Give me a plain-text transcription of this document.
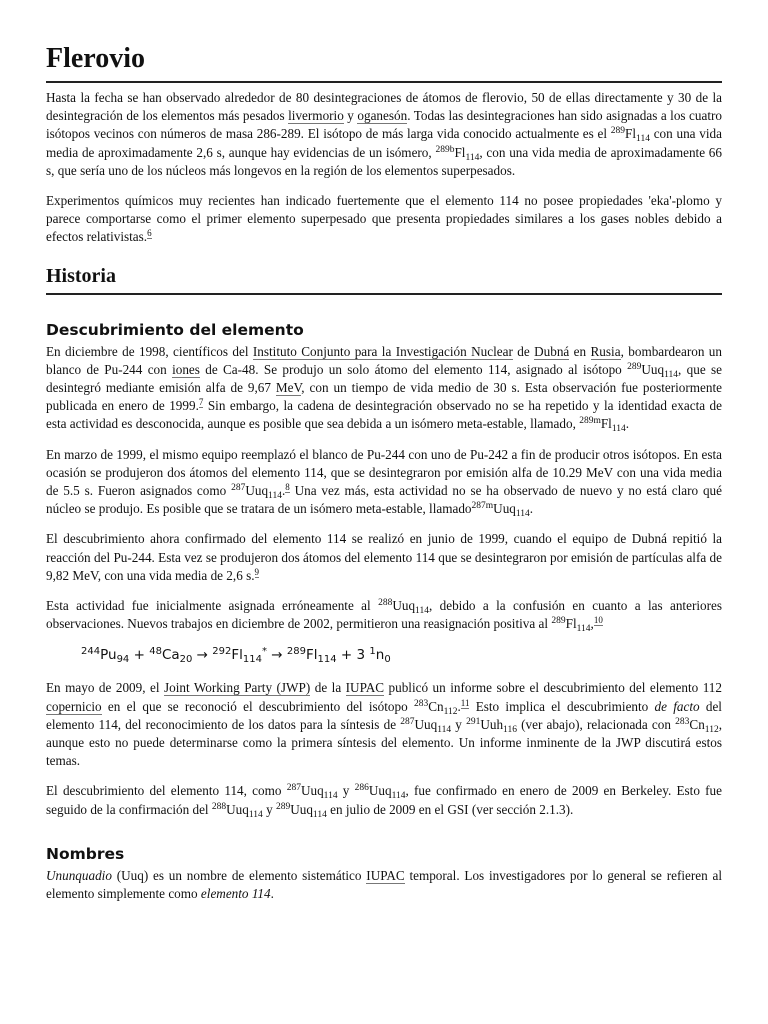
Flerovio

Hasta la fecha se han observado alrededor de 80 desintegraciones de átomos de flerovio, 50 de ellas directamente y 30 de la desintegración de los elementos más pesados livermorio y oganesón. Todas las desintegraciones han sido asignadas a los cuatro isótopos vecinos con números de masa 286-289. El isótopo de más larga vida conocido actualmente es el $^{289}Fl_{114}$ con una vida media de aproximadamente 2,6 s, aunque hay evidencias de un isómero, $^{289b}Fl_{114}$, con una vida media de aproximadamente 66 s, que sería uno de los núcleos más longevos en la región de los elementos superpesados.

Experimentos químicos muy recientes han indicado fuertemente que el elemento 114 no posee propiedades 'eka'-plomo y parece comportarse como el primer elemento superpesado que presenta propiedades similares a los gases nobles debido a efectos relativistas.$^6$

Historia
Descubrimiento del elemento

En diciembre de 1998, científicos del Instituto Conjunto para la Investigación Nuclear de Dubná en Rusia, bombardearon un blanco de Pu-244 con iones de Ca-48. Se produjo un solo átomo del elemento 114, asignado al isótopo $^{289}$Uuq$_{114}$, que se desintegró mediante emisión alfa de 9,67 MeV, con un tiempo de vida medio de 30 s. Esta observación fue posteriormente publicada en enero de 1999.$^7$ Sin embargo, la cadena de desintegración observado no se ha repetido y la identidad exacta de esta actividad es desconocida, aunque es posible que sea debida a un isómero meta-estable, llamado, $^{289m}Fl_{114}$.

En marzo de 1999, el mismo equipo reemplazó el blanco de Pu-244 con uno de Pu-242 a fin de producir otros isótopos. En esta ocasión se produjeron dos átomos del elemento 114, que se desintegraron por emisión alfa de 10.29 MeV con una vida media de 5.5 s. Fueron asignados como $^{287}$Uuq$_{114}$.$^8$ Una vez más, esta actividad no se ha observado de nuevo y no está claro qué núcleo se produjo. Es posible que se tratara de un isómero meta-estable, llamado$^{287m}$Uuq$_{114}$.

El descubrimiento ahora confirmado del elemento 114 se realizó en junio de 1999, cuando el equipo de Dubná repitió la reacción del Pu-244. Esta vez se produjeron dos átomos del elemento 114 que se desintegraron por emisión de partículas alfa de 9,82 MeV, con una vida media de 2,6 s.$^9$

Esta actividad fue inicialmente asignada erróneamente al $^{288}$Uuq$_{114}$, debido a la confusión en cuanto a las anteriores observaciones. Nuevos trabajos en diciembre de 2002, permitieron una reasignación positiva al $^{289}Fl_{114},^{10}$

$^{244}Pu_{94} + ^{48}Ca_{20} \to ^{292}Fl_{114}^* \to ^{289}Fl_{114} + 3$ $^1n_0$

En mayo de 2009, el Joint Working Party (JWP) de la IUPAC publicó un informe sobre el descubrimiento del elemento 112 copernicio en el que se reconoció el descubrimiento del isótopo $^{283}Cn_{112}.^{11}$ Esto implica el descubrimiento de facto del elemento 114, del reconocimiento de los datos para la síntesis de $^{287}$Uuq$_{114}$ y $^{291}$Uuh$_{116}$ (ver abajo), relacionada con $^{283}Cn_{112}$, aunque esto no puede determinarse como la primera síntesis del elemento. Un informe inminente de la JWP discutirá estos temas.

El descubrimiento del elemento 114, como $^{287}$Uuq$_{114}$ y $^{286}$Uuq$_{114}$, fue confirmado en enero de 2009 en Berkeley. Esto fue seguido de la confirmación del $^{288}$Uuq$_{114}$ y $^{289}$Uuq$_{114}$ en julio de 2009 en el GSI (ver sección 2.1.3).

Nombres

Ununquadio (Uuq) es un nombre de elemento sistemático IUPAC temporal. Los investigadores por lo general se refieren al elemento simplemente como elemento 114.
